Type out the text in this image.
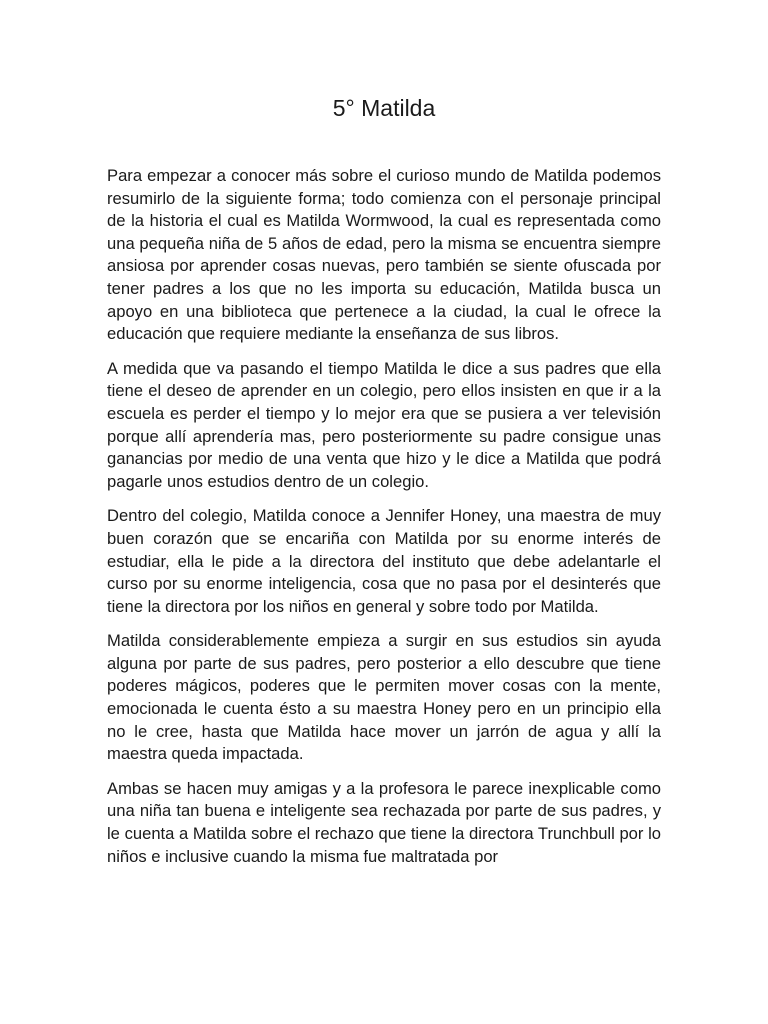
5° Matilda

Para empezar a conocer más sobre el curioso mundo de Matilda podemos resumirlo de la siguiente forma; todo comienza con el personaje principal de la historia el cual es Matilda Wormwood, la cual es representada como una pequeña niña de 5 años de edad, pero la misma se encuentra siempre ansiosa por aprender cosas nuevas, pero también se siente ofuscada por tener padres a los que no les importa su educación, Matilda busca un apoyo en una biblioteca que pertenece a la ciudad, la cual le ofrece la educación que requiere mediante la enseñanza de sus libros.

A medida que va pasando el tiempo Matilda le dice a sus padres que ella tiene el deseo de aprender en un colegio, pero ellos insisten en que ir a la escuela es perder el tiempo y lo mejor era que se pusiera a ver televisión porque allí aprendería mas, pero posteriormente su padre consigue unas ganancias por medio de una venta que hizo y le dice a Matilda que podrá pagarle unos estudios dentro de un colegio.

Dentro del colegio, Matilda conoce a Jennifer Honey, una maestra de muy buen corazón que se encariña con Matilda por su enorme interés de estudiar, ella le pide a la directora del instituto que debe adelantarle el curso por su enorme inteligencia, cosa que no pasa por el desinterés que tiene la directora por los niños en general y sobre todo por Matilda.

Matilda considerablemente empieza a surgir en sus estudios sin ayuda alguna por parte de sus padres, pero posterior a ello descubre que tiene poderes mágicos, poderes que le permiten mover cosas con la mente, emocionada le cuenta ésto a su maestra Honey pero en un principio ella no le cree, hasta que Matilda hace mover un jarrón de agua y allí la maestra queda impactada.

Ambas se hacen muy amigas y a la profesora le parece inexplicable como una niña tan buena e inteligente sea rechazada por parte de sus padres, y le cuenta a Matilda sobre el rechazo que tiene la directora Trunchbull por lo niños e inclusive cuando la misma fue maltratada por
